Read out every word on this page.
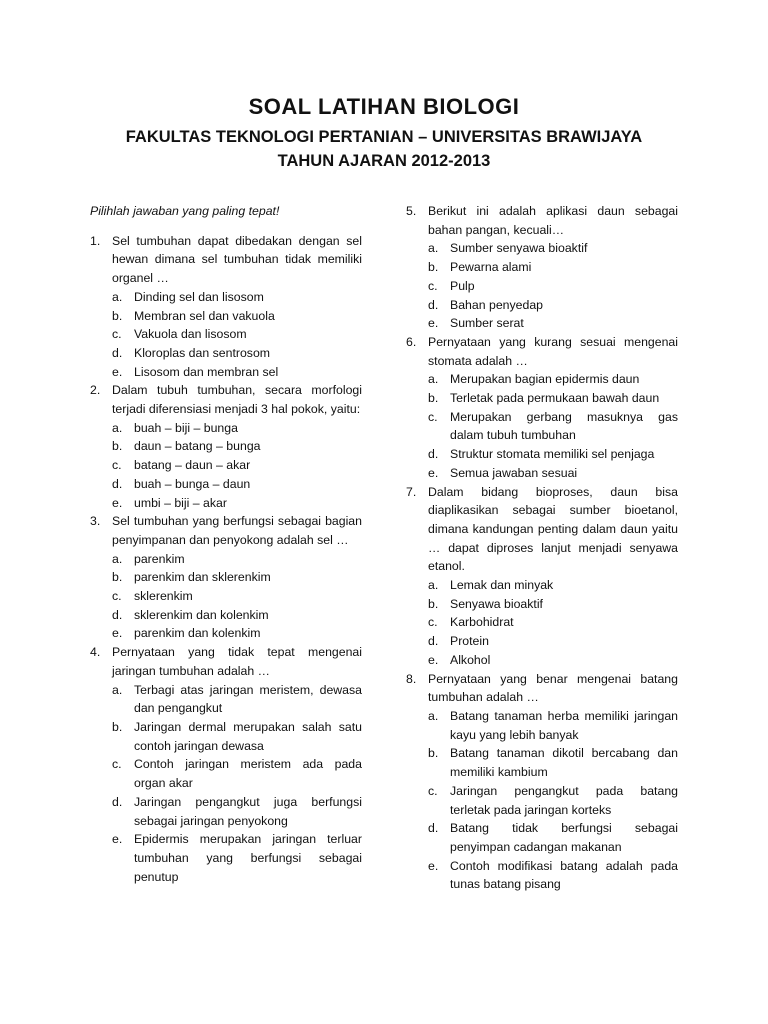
SOAL LATIHAN BIOLOGI
FAKULTAS TEKNOLOGI PERTANIAN – UNIVERSITAS BRAWIJAYA
TAHUN AJARAN 2012-2013
Pilihlah jawaban yang paling tepat!
1. Sel tumbuhan dapat dibedakan dengan sel hewan dimana sel tumbuhan tidak memiliki organel …
a. Dinding sel dan lisosom
b. Membran sel dan vakuola
c.	Vakuola dan lisosom
d. Kloroplas dan sentrosom
e. Lisosom dan membran sel
2. Dalam tubuh tumbuhan, secara morfologi terjadi diferensiasi menjadi 3 hal pokok, yaitu:
a. buah – biji – bunga
b. daun – batang – bunga
c.	batang – daun – akar
d. buah – bunga – daun
e. umbi – biji – akar
3. Sel tumbuhan yang berfungsi sebagai bagian penyimpanan dan penyokong adalah sel …
a. parenkim
b. parenkim dan sklerenkim
c.	sklerenkim
d. sklerenkim dan kolenkim
e. parenkim dan kolenkim
4. Pernyataan yang tidak tepat mengenai jaringan tumbuhan adalah …
a. Terbagi atas jaringan meristem, dewasa dan pengangkut
b. Jaringan dermal merupakan salah satu contoh jaringan dewasa
c.	Contoh jaringan meristem ada pada organ akar
d. Jaringan pengangkut juga berfungsi sebagai jaringan penyokong
e. Epidermis merupakan jaringan terluar tumbuhan yang berfungsi sebagai penutup
5. Berikut ini adalah aplikasi daun sebagai bahan pangan, kecuali…
a. Sumber senyawa bioaktif
b. Pewarna alami
c.	Pulp
d. Bahan penyedap
e. Sumber serat
6. Pernyataan yang kurang sesuai mengenai stomata adalah …
a. Merupakan bagian epidermis daun
b. Terletak pada permukaan bawah daun
c.	Merupakan gerbang masuknya gas dalam tubuh tumbuhan
d. Struktur stomata memiliki sel penjaga
e. Semua jawaban sesuai
7. Dalam bidang bioproses, daun bisa diaplikasikan sebagai sumber bioetanol, dimana kandungan penting dalam daun yaitu … dapat diproses lanjut menjadi senyawa etanol.
a. Lemak dan minyak
b. Senyawa bioaktif
c.	Karbohidrat
d. Protein
e. Alkohol
8. Pernyataan yang benar mengenai batang tumbuhan adalah …
a. Batang tanaman herba memiliki jaringan kayu yang lebih banyak
b. Batang tanaman dikotil bercabang dan memiliki kambium
c.	Jaringan pengangkut pada batang terletak pada jaringan korteks
d. Batang tidak berfungsi sebagai penyimpan cadangan makanan
e. Contoh modifikasi batang adalah pada tunas batang pisang
